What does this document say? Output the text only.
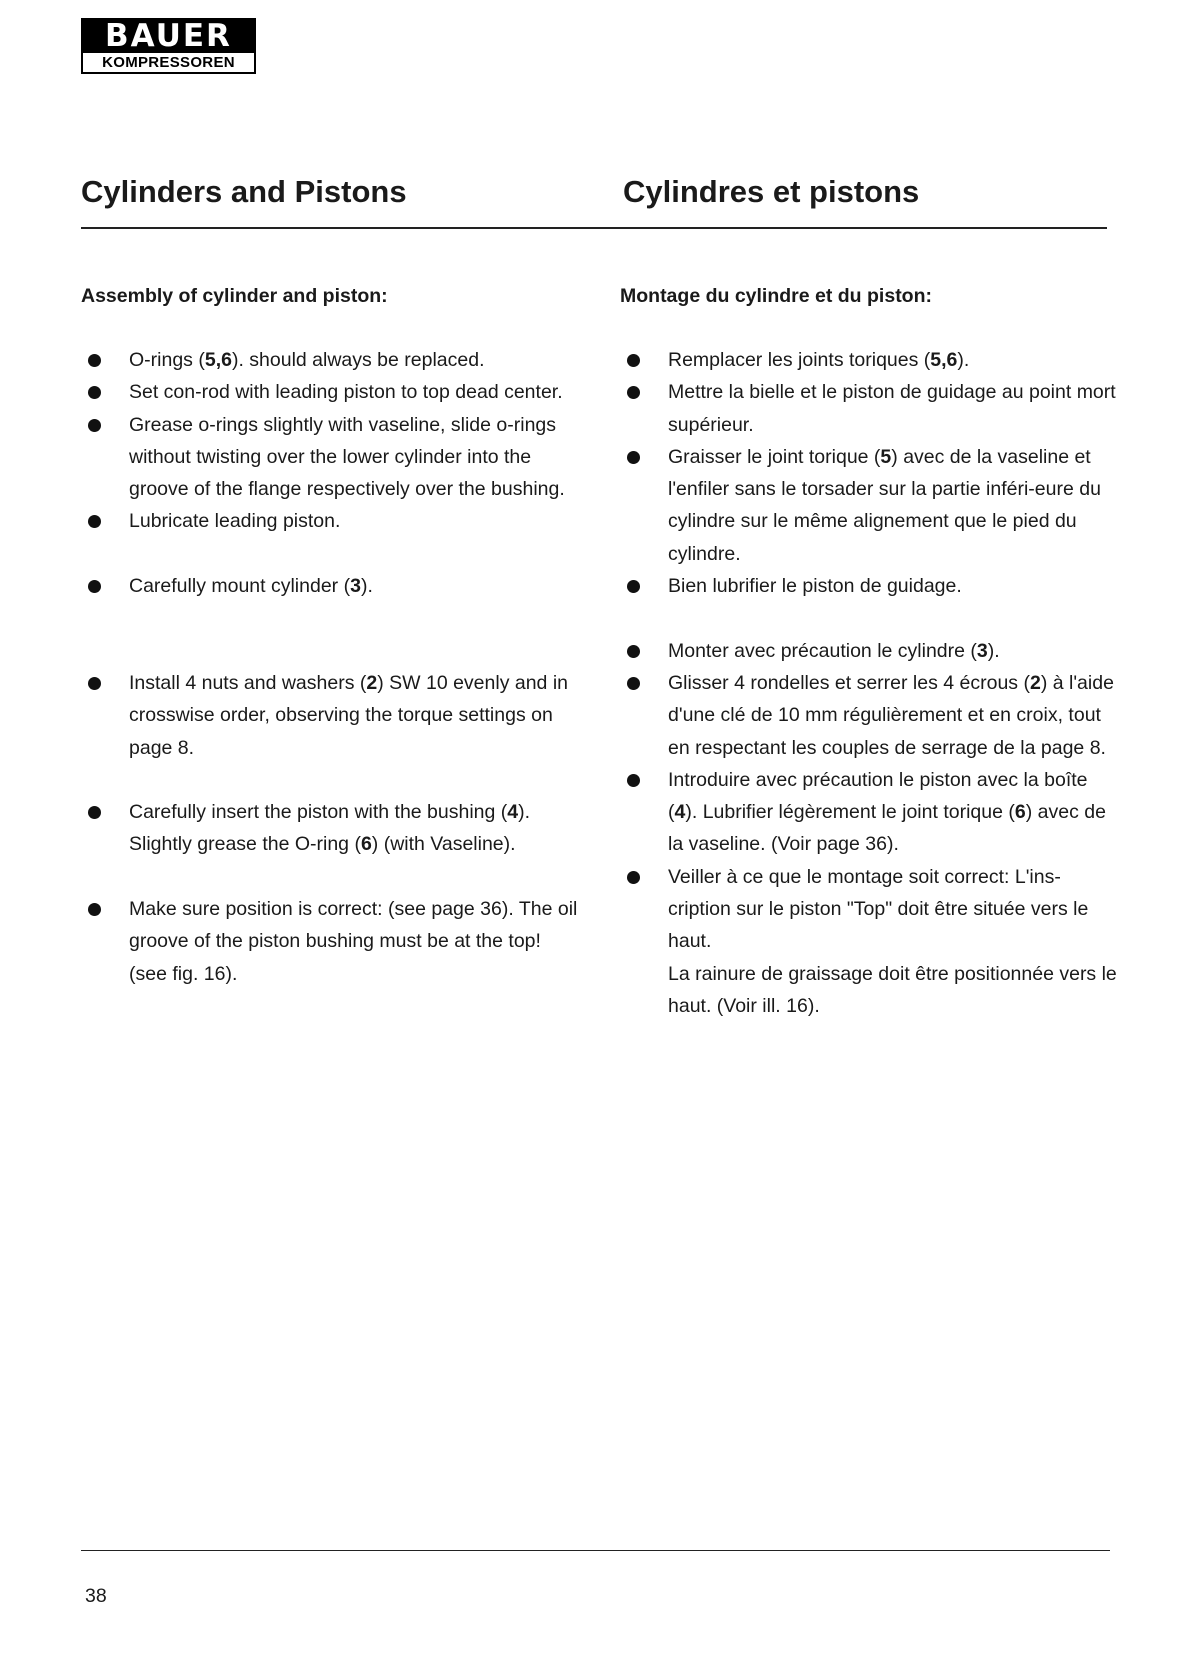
BAUER
KOMPRESSOREN
Cylinders and Pistons	Cylindres et pistons

Assembly of cylinder and piston:

O-rings (5,6). should always be replaced.
Set con-rod with leading piston to top dead center.
Grease o-rings slightly with vaseline, slide o-rings without twisting over the lower cylinder into the groove of the flange respectively over the bushing.
Lubricate leading piston.
Carefully mount cylinder (3).
Install 4 nuts and washers (2) SW 10 evenly and in crosswise order, observing the torque settings on page 8.
Carefully insert the piston with the bushing (4). Slightly grease the O-ring (6) (with Vaseline).
Make sure position is correct: (see page 36). The oil groove of the piston bushing must be at the top! (see fig. 16).

Montage du cylindre et du piston:

Remplacer les joints toriques (5,6).
Mettre la bielle et le piston de guidage au point mort supérieur.
Graisser le joint torique (5) avec de la vaseline et l'enfiler sans le torsader sur la partie inféri-eure du cylindre sur le même alignement que le pied du cylindre.
Bien lubrifier le piston de guidage.
Monter avec précaution le cylindre (3).
Glisser 4 rondelles et serrer les 4 écrous (2) à l'aide d'une clé de 10 mm régulièrement et en croix, tout en respectant les couples de serrage de la page 8.
Introduire avec précaution le piston avec la boîte (4). Lubrifier légèrement le joint torique (6) avec de la vaseline. (Voir page 36).
Veiller à ce que le montage soit correct: L'ins-cription sur le piston "Top" doit être située vers le haut.
La rainure de graissage doit être positionnée vers le haut. (Voir ill. 16).
38
